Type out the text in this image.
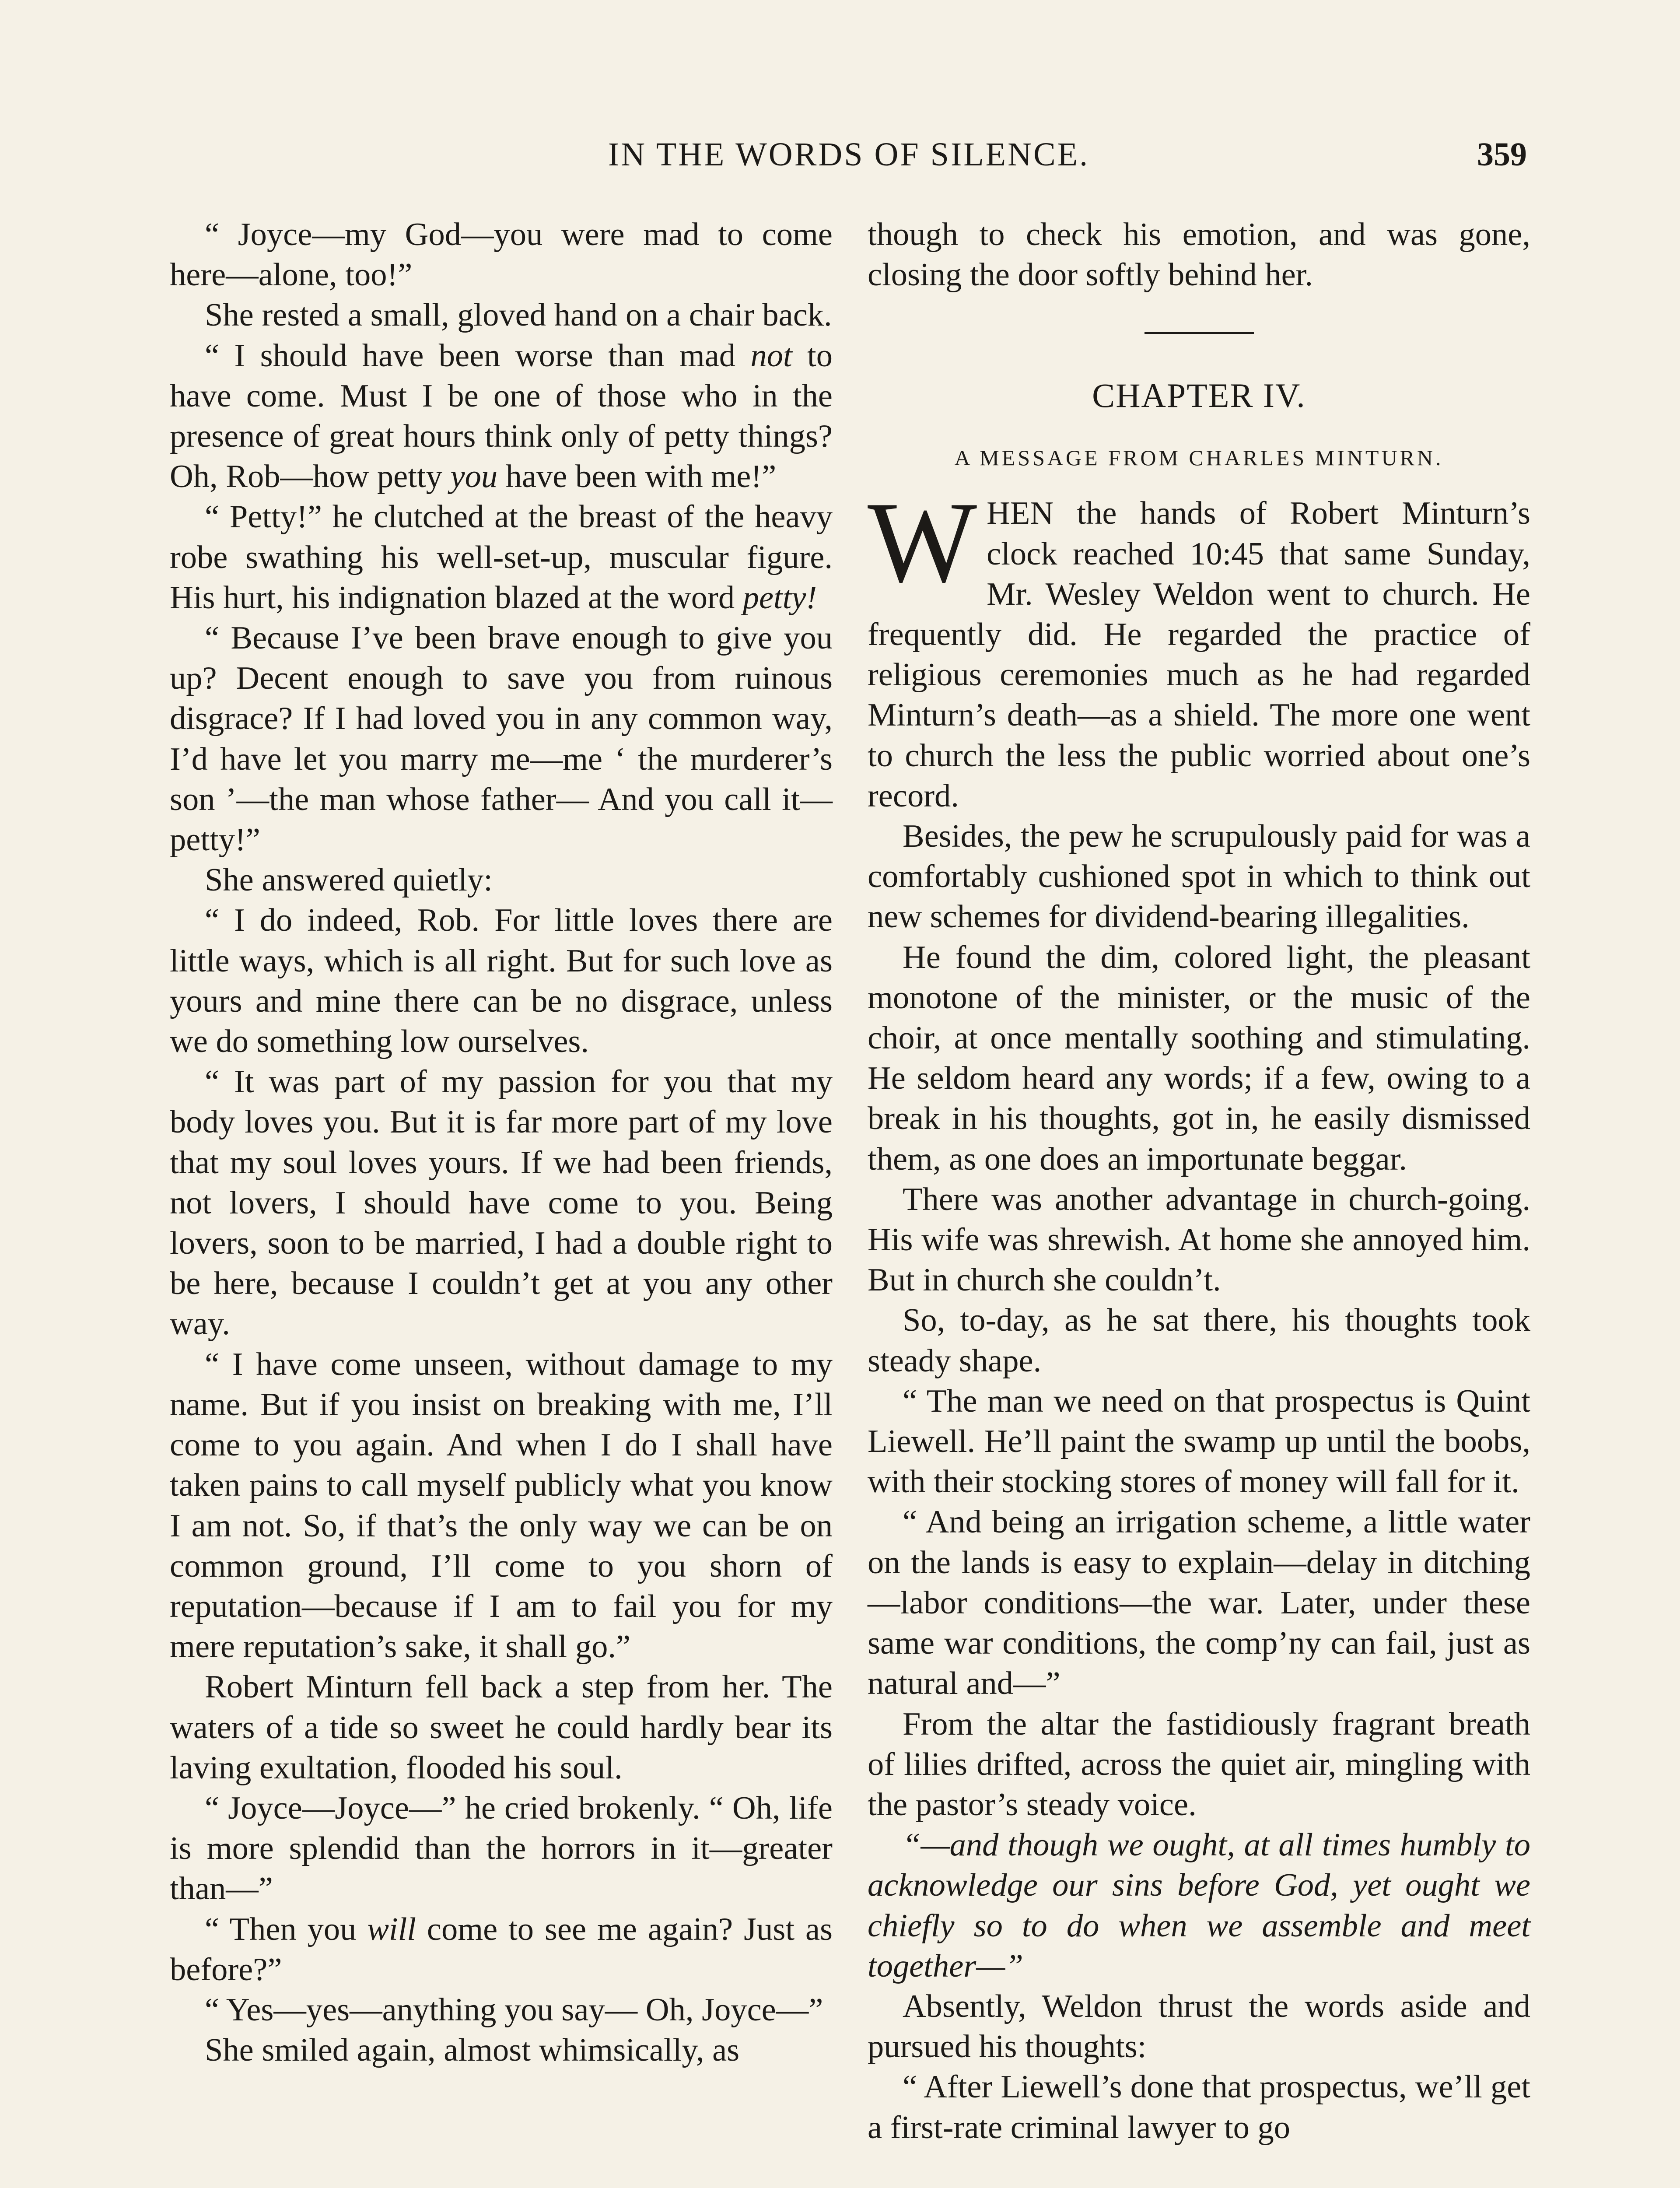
IN THE WORDS OF SILENCE.	359

“ Joyce—my God—you were mad to come here—alone, too!”

She rested a small, gloved hand on a chair back.

“ I should have been worse than mad not to have come. Must I be one of those who in the presence of great hours think only of petty things? Oh, Rob—how petty you have been with me!”

“ Petty!” he clutched at the breast of the heavy robe swathing his well-set-up, muscular figure. His hurt, his indignation blazed at the word petty!

“ Because I’ve been brave enough to give you up? Decent enough to save you from ruinous disgrace? If I had loved you in any common way, I’d have let you marry me—me ‘ the murderer’s son ’—the man whose father— And you call it—petty!”

She answered quietly:

“ I do indeed, Rob. For little loves there are little ways, which is all right. But for such love as yours and mine there can be no disgrace, unless we do something low ourselves.

“ It was part of my passion for you that my body loves you. But it is far more part of my love that my soul loves yours. If we had been friends, not lovers, I should have come to you. Being lovers, soon to be married, I had a double right to be here, because I couldn’t get at you any other way.

“ I have come unseen, without damage to my name. But if you insist on breaking with me, I’ll come to you again. And when I do I shall have taken pains to call myself publicly what you know I am not. So, if that’s the only way we can be on common ground, I’ll come to you shorn of reputation—because if I am to fail you for my mere reputation’s sake, it shall go.”

Robert Minturn fell back a step from her. The waters of a tide so sweet he could hardly bear its laving exultation, flooded his soul.

“ Joyce—Joyce—” he cried brokenly. “ Oh, life is more splendid than the horrors in it—greater than—”

“ Then you will come to see me again? Just as before?”

“ Yes—yes—anything you say— Oh, Joyce—”

She smiled again, almost whimsically, as

though to check his emotion, and was gone, closing the door softly behind her.

CHAPTER IV.
A MESSAGE FROM CHARLES MINTURN.

WHEN the hands of Robert Minturn’s clock reached 10:45 that same Sunday, Mr. Wesley Weldon went to church. He frequently did. He regarded the practice of religious ceremonies much as he had regarded Minturn’s death—as a shield. The more one went to church the less the public worried about one’s record.

Besides, the pew he scrupulously paid for was a comfortably cushioned spot in which to think out new schemes for dividend-bearing illegalities.

He found the dim, colored light, the pleasant monotone of the minister, or the music of the choir, at once mentally soothing and stimulating. He seldom heard any words; if a few, owing to a break in his thoughts, got in, he easily dismissed them, as one does an importunate beggar.

There was another advantage in church-going. His wife was shrewish. At home she annoyed him. But in church she couldn’t.

So, to-day, as he sat there, his thoughts took steady shape.

“ The man we need on that prospectus is Quint Liewell. He’ll paint the swamp up until the boobs, with their stocking stores of money will fall for it.

“ And being an irrigation scheme, a little water on the lands is easy to explain—delay in ditching—labor conditions—the war. Later, under these same war conditions, the comp’ny can fail, just as natural and—”

From the altar the fastidiously fragrant breath of lilies drifted, across the quiet air, mingling with the pastor’s steady voice.

“—and though we ought, at all times humbly to acknowledge our sins before God, yet ought we chiefly so to do when we assemble and meet together—”

Absently, Weldon thrust the words aside and pursued his thoughts:

“ After Liewell’s done that prospectus, we’ll get a first-rate criminal lawyer to go
